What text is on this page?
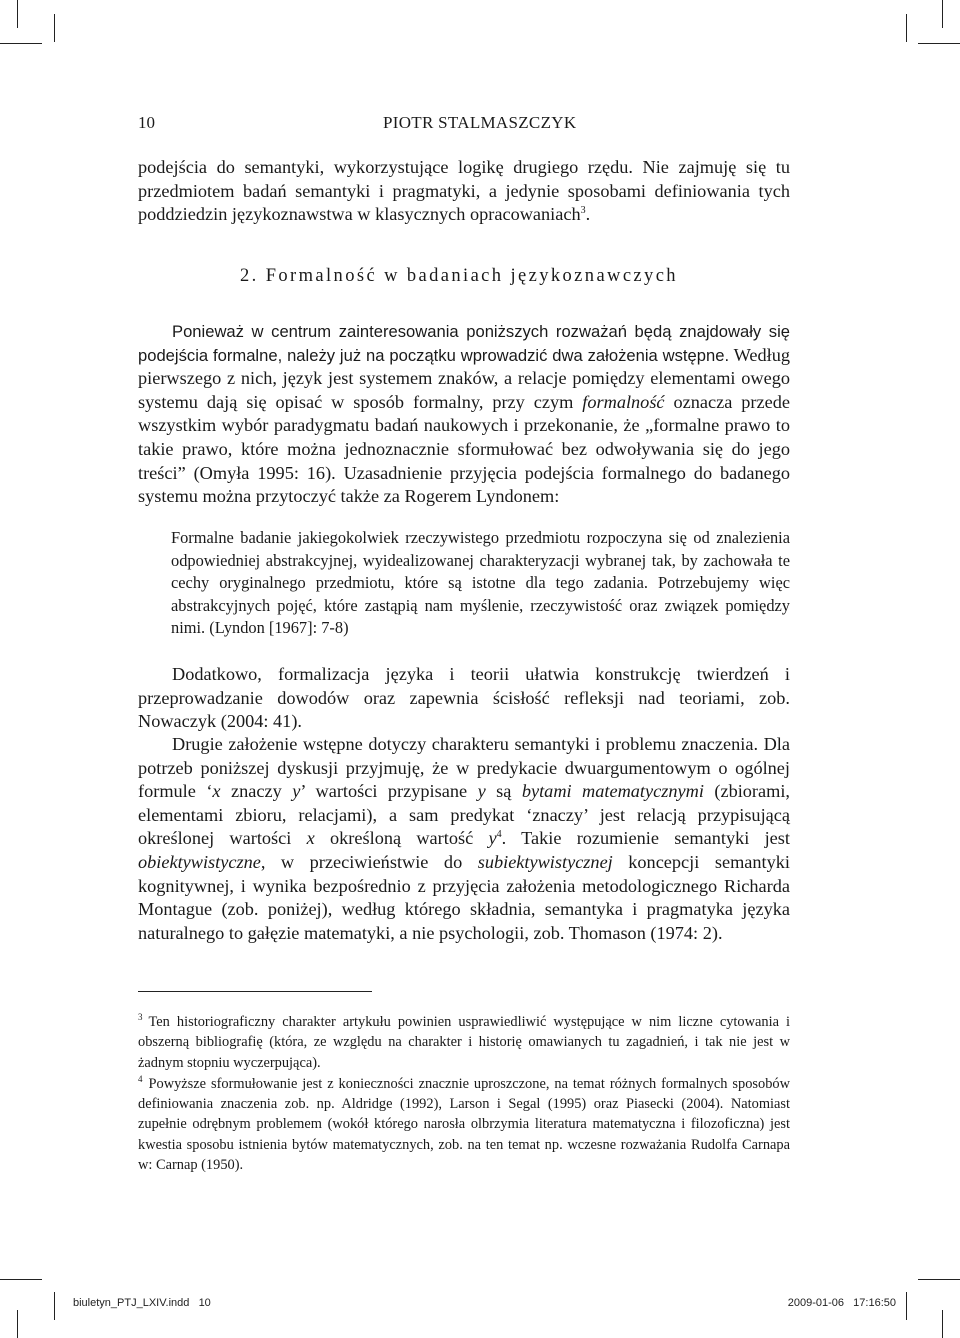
10	PIOTR STALMASZCZYK

podejścia do semantyki, wykorzystujące logikę drugiego rzędu. Nie zajmuję się tu przedmiotem badań semantyki i pragmatyki, a jedynie sposobami definiowania tych poddziedzin językoznawstwa w klasycznych opracowaniach$^3$.

2. Formalność w badaniach językoznawczych

Ponieważ w centrum zainteresowania poniższych rozważań będą znajdowały się podejścia formalne, należy już na początku wprowadzić dwa założenia wstępne. Według pierwszego z nich, język jest systemem znaków, a relacje pomiędzy elementami owego systemu dają się opisać w sposób formalny, przy czym formalność oznacza przede wszystkim wybór paradygmatu badań naukowych i przekonanie, że „formalne prawo to takie prawo, które można jednoznacznie sformułować bez odwoływania się do jego treści” (Omyła 1995: 16). Uzasadnienie przyjęcia podejścia formalnego do badanego systemu można przytoczyć także za Rogerem Lyndonem:

Formalne badanie jakiegokolwiek rzeczywistego przedmiotu rozpoczyna się od znalezienia odpowiedniej abstrakcyjnej, wyidealizowanej charakteryzacji wybranej tak, by zachowała te cechy oryginalnego przedmiotu, które są istotne dla tego zadania. Potrzebujemy więc abstrakcyjnych pojęć, które zastąpią nam myślenie, rzeczywistość oraz związek pomiędzy nimi. (Lyndon [1967]: 7-8)

Dodatkowo, formalizacja języka i teorii ułatwia konstrukcję twierdzeń i przeprowadzanie dowodów oraz zapewnia ścisłość refleksji nad teoriami, zob. Nowaczyk (2004: 41).

Drugie założenie wstępne dotyczy charakteru semantyki i problemu znaczenia. Dla potrzeb poniższej dyskusji przyjmuję, że w predykacie dwuargumentowym o ogólnej formule ‘x znaczy y’ wartości przypisane y są bytami matematycznymi (zbiorami, elementami zbioru, relacjami), a sam predykat ‘znaczy’ jest relacją przypisującą określonej wartości x określoną wartość $y^4$. Takie rozumienie semantyki jest obiektywistyczne, w przeciwieństwie do subiektywistycznej koncepcji semantyki kognitywnej, i wynika bezpośrednio z przyjęcia założenia metodologicznego Richarda Montague (zob. poniżej), według którego składnia, semantyka i pragmatyka języka naturalnego to gałęzie matematyki, a nie psychologii, zob. Thomason (1974: 2).

$^3$ Ten historiograficzny charakter artykułu powinien usprawiedliwić występujące w nim liczne cytowania i obszerną bibliografię (która, ze względu na charakter i historię omawianych tu zagadnień, i tak nie jest w żadnym stopniu wyczerpująca).

$^4$ Powyższe sformułowanie jest z konieczności znacznie uproszczone, na temat różnych formalnych sposobów definiowania znaczenia zob. np. Aldridge (1992), Larson i Segal (1995) oraz Piasecki (2004). Natomiast zupełnie odrębnym problemem (wokół którego narosła olbrzymia literatura matematyczna i filozoficzna) jest kwestia sposobu istnienia bytów matematycznych, zob. na ten temat np. wczesne rozważania Rudolfa Carnapa w: Carnap (1950).

biuletyn_PTJ_LXIV.indd   10	2009-01-06   17:16:50
